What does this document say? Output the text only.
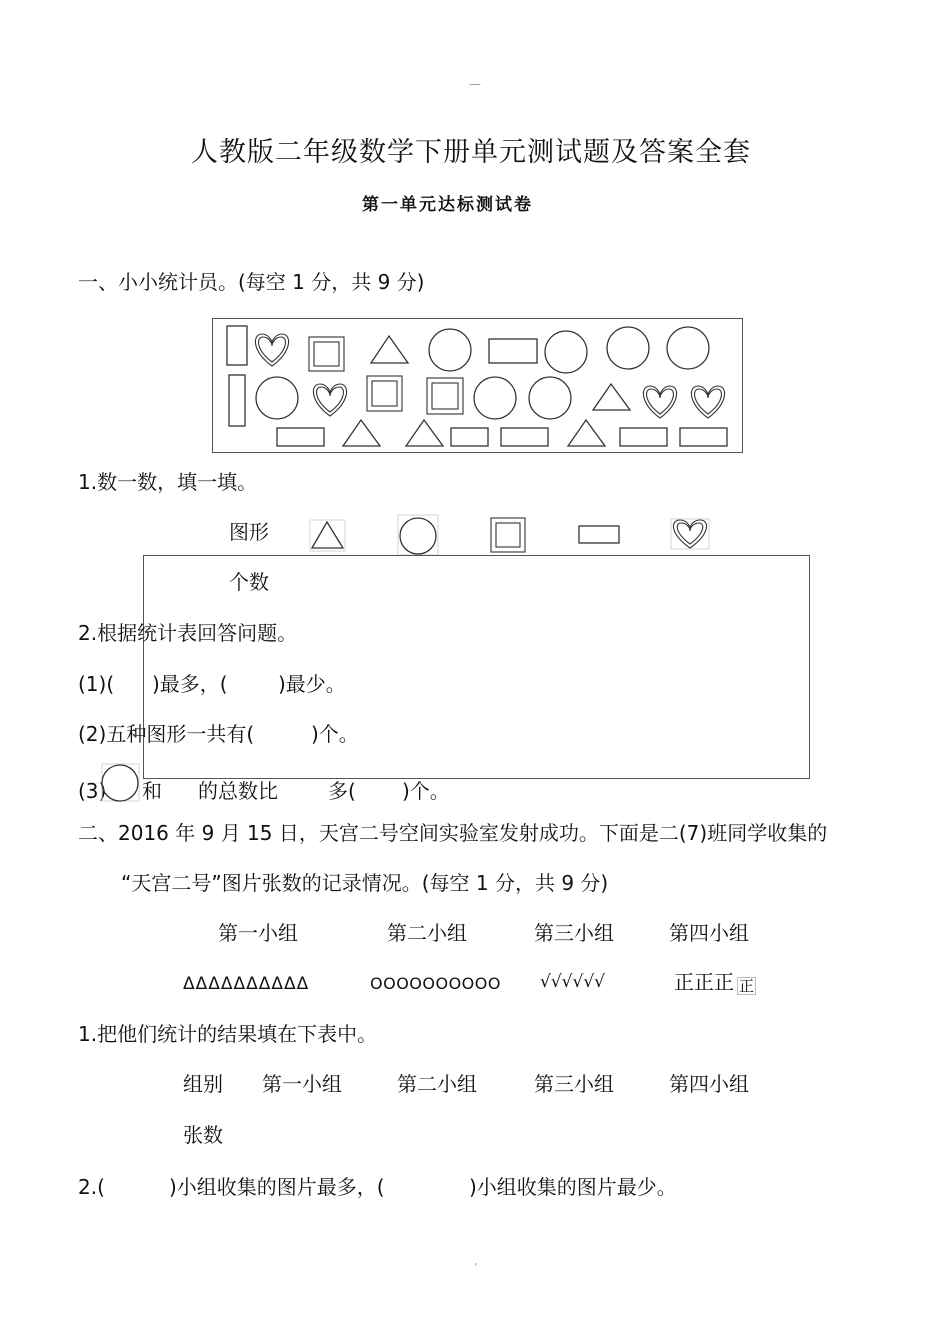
—
人教版二年级数学下册单元测试题及答案全套
第一单元达标测试卷
一、小小统计员。(每空 1 分，共 9 分)
1.数一数，填一填。
图形
个数
2.根据统计表回答问题。
(1)( )最多，(	)最少。
(2)五种图形一共有(	)个。
(3) 和 的总数比	多( )个。
二、2016 年 9 月 15 日，天宫二号空间实验室发射成功。下面是二(7)班同学收集的
“天宫二号”图片张数的记录情况。(每空 1 分，共 9 分)
第一小组	第二小组	第三小组	第四小组
ΔΔΔΔΔΔΔΔΔΔ	OOOOOOOOOO √√√√√√	正正正 正
1.把他们统计的结果填在下表中。
组别 第一小组	第二小组	第三小组	第四小组
张数
2.(	)小组收集的图片最多，(	)小组收集的图片最少。
ʼ
